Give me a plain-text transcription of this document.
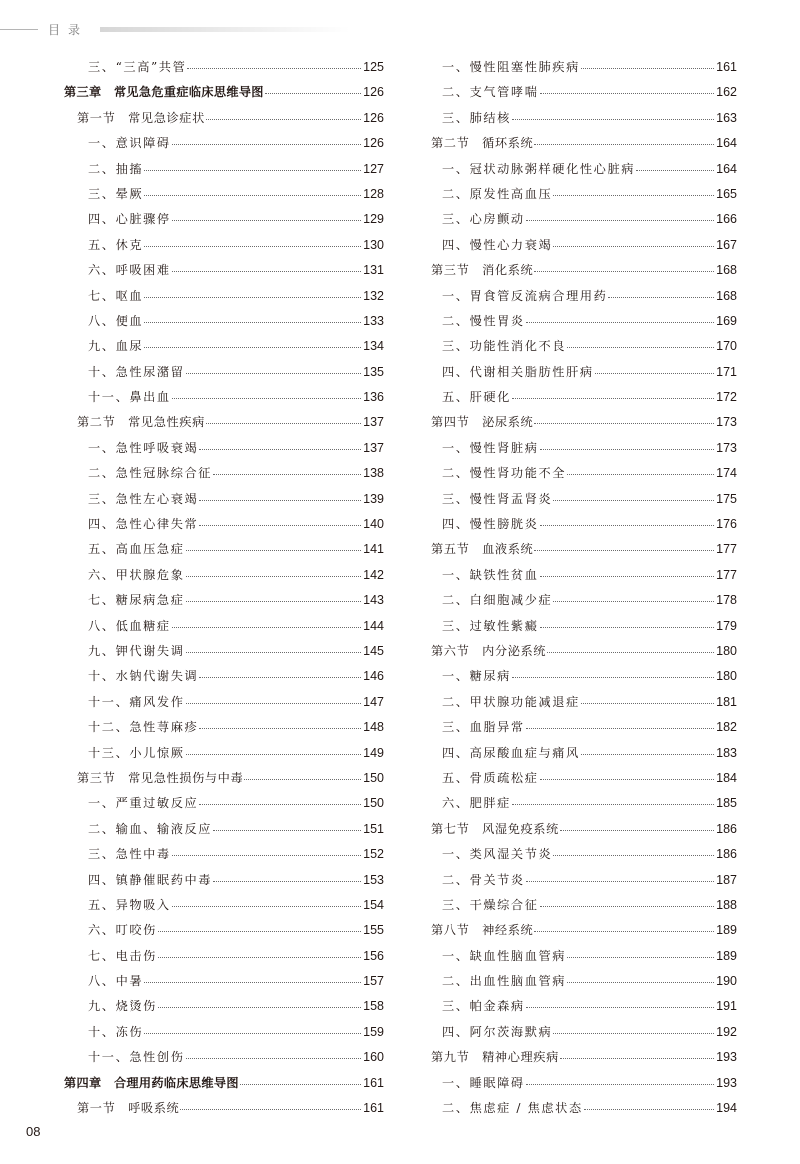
目录
三、“三高”共管	125
第三章　常见急危重症临床思维导图	126
第一节　常见急诊症状	126
一、意识障碍	126
二、抽搐	127
三、晕厥	128
四、心脏骤停	129
五、休克	130
六、呼吸困难	131
七、呕血	132
八、便血	133
九、血尿	134
十、急性尿潴留	135
十一、鼻出血	136
第二节　常见急性疾病	137
一、急性呼吸衰竭	137
二、急性冠脉综合征	138
三、急性左心衰竭	139
四、急性心律失常	140
五、高血压急症	141
六、甲状腺危象	142
七、糖尿病急症	143
八、低血糖症	144
九、钾代谢失调	145
十、水钠代谢失调	146
十一、痛风发作	147
十二、急性荨麻疹	148
十三、小儿惊厥	149
第三节　常见急性损伤与中毒	150
一、严重过敏反应	150
二、输血、输液反应	151
三、急性中毒	152
四、镇静催眠药中毒	153
五、异物吸入	154
六、叮咬伤	155
七、电击伤	156
八、中暑	157
九、烧烫伤	158
十、冻伤	159
十一、急性创伤	160
第四章　合理用药临床思维导图	161
第一节　呼吸系统	161
一、慢性阻塞性肺疾病	161
二、支气管哮喘	162
三、肺结核	163
第二节　循环系统	164
一、冠状动脉粥样硬化性心脏病	164
二、原发性高血压	165
三、心房颤动	166
四、慢性心力衰竭	167
第三节　消化系统	168
一、胃食管反流病合理用药	168
二、慢性胃炎	169
三、功能性消化不良	170
四、代谢相关脂肪性肝病	171
五、肝硬化	172
第四节　泌尿系统	173
一、慢性肾脏病	173
二、慢性肾功能不全	174
三、慢性肾盂肾炎	175
四、慢性膀胱炎	176
第五节　血液系统	177
一、缺铁性贫血	177
二、白细胞减少症	178
三、过敏性紫癜	179
第六节　内分泌系统	180
一、糖尿病	180
二、甲状腺功能减退症	181
三、血脂异常	182
四、高尿酸血症与痛风	183
五、骨质疏松症	184
六、肥胖症	185
第七节　风湿免疫系统	186
一、类风湿关节炎	186
二、骨关节炎	187
三、干燥综合征	188
第八节　神经系统	189
一、缺血性脑血管病	189
二、出血性脑血管病	190
三、帕金森病	191
四、阿尔茨海默病	192
第九节　精神心理疾病	193
一、睡眠障碍	193
二、焦虑症 / 焦虑状态	194
08
